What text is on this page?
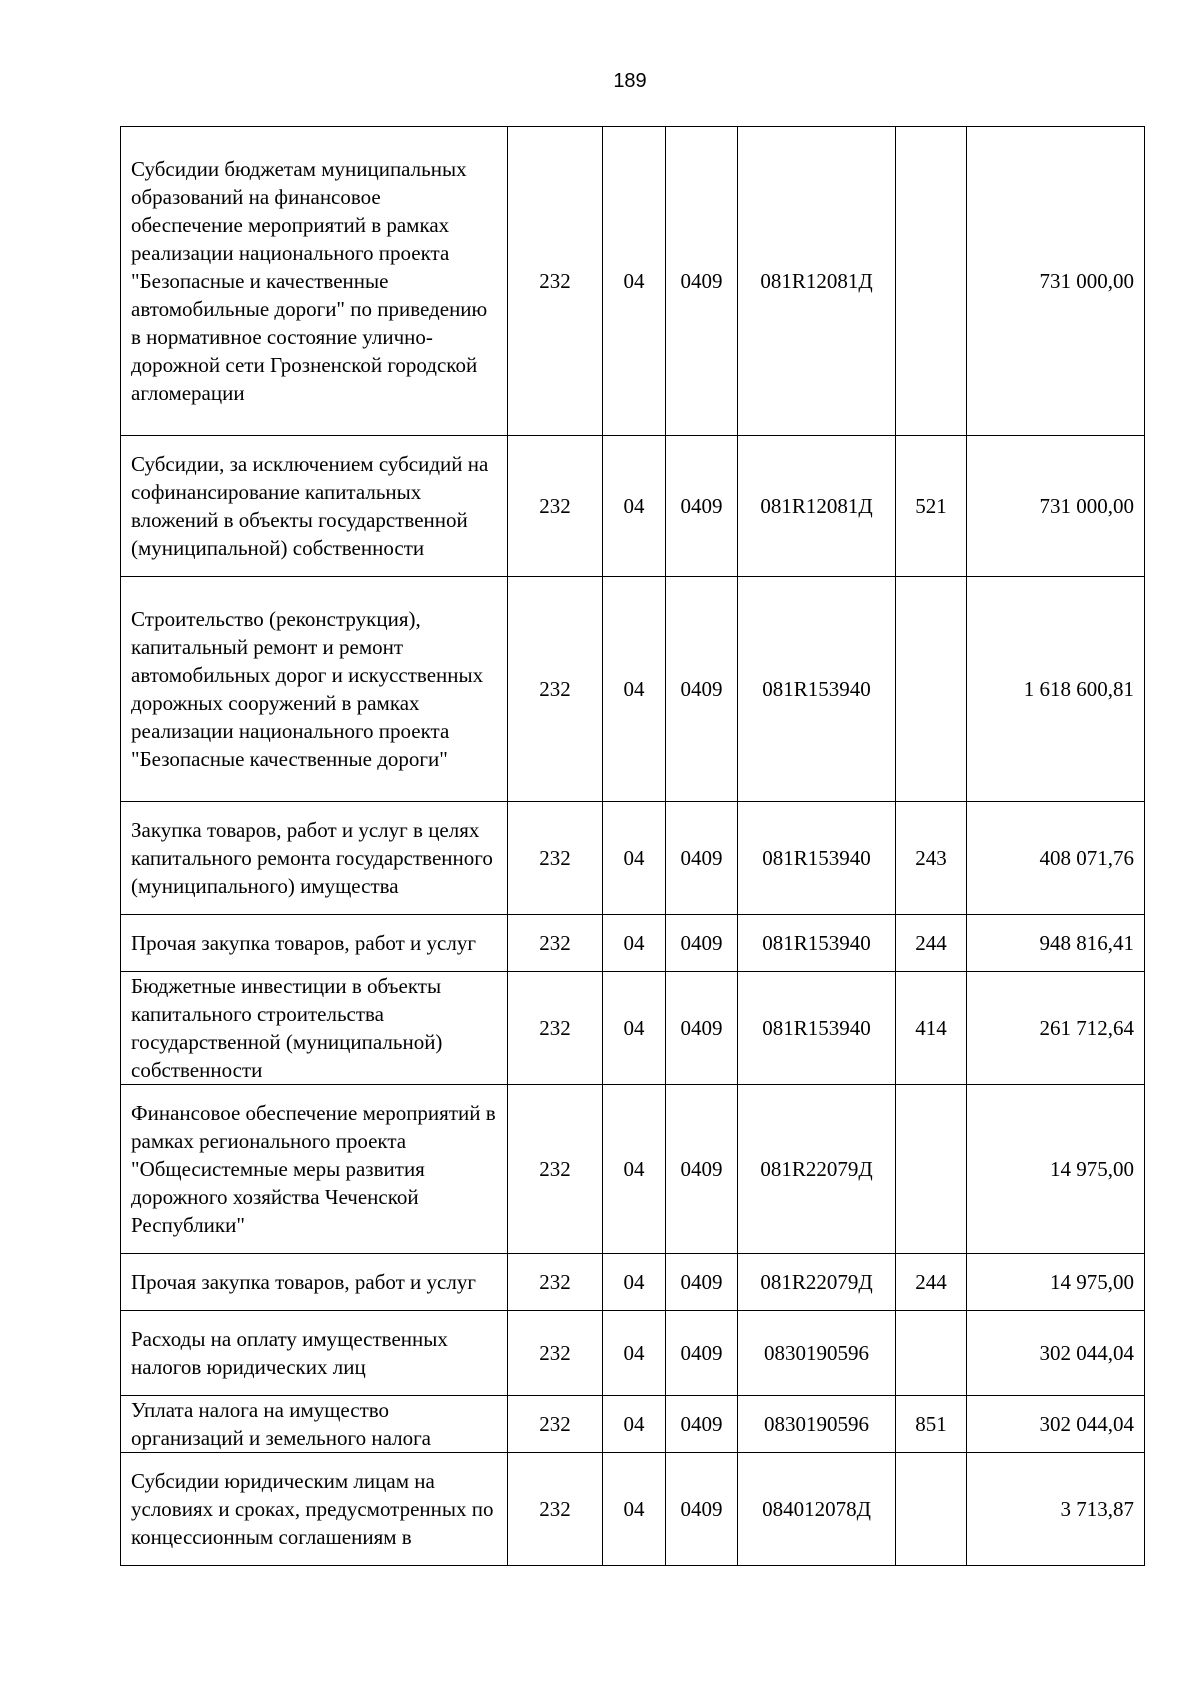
189
Субсидии бюджетам муниципальных образований на финансовое обеспечение мероприятий в рамках реализации национального проекта "Безопасные и качественные автомобильные дороги" по приведению в нормативное состояние улично-дорожной сети Грозненской городской агломерации	232	04	0409	081R12081Д		731 000,00
Субсидии, за исключением субсидий на софинансирование капитальных вложений в объекты государственной (муниципальной) собственности	232	04	0409	081R12081Д	521	731 000,00
Строительство (реконструкция), капитальный ремонт и ремонт автомобильных дорог и искусственных дорожных сооружений в рамках реализации национального проекта "Безопасные качественные дороги"	232	04	0409	081R153940		1 618 600,81
Закупка товаров, работ и услуг в целях капитального ремонта государственного (муниципального) имущества	232	04	0409	081R153940	243	408 071,76
Прочая закупка товаров, работ и услуг	232	04	0409	081R153940	244	948 816,41
Бюджетные инвестиции в объекты капитального строительства государственной (муниципальной) собственности	232	04	0409	081R153940	414	261 712,64
Финансовое обеспечение мероприятий в рамках регионального проекта "Общесистемные меры развития дорожного хозяйства Чеченской Республики"	232	04	0409	081R22079Д		14 975,00
Прочая закупка товаров, работ и услуг	232	04	0409	081R22079Д	244	14 975,00
Расходы на оплату имущественных налогов юридических лиц	232	04	0409	0830190596		302 044,04
Уплата налога на имущество организаций и земельного налога	232	04	0409	0830190596	851	302 044,04
Субсидии юридическим лицам на условиях и сроках, предусмотренных по концессионным соглашениям в	232	04	0409	084012078Д		3 713,87
